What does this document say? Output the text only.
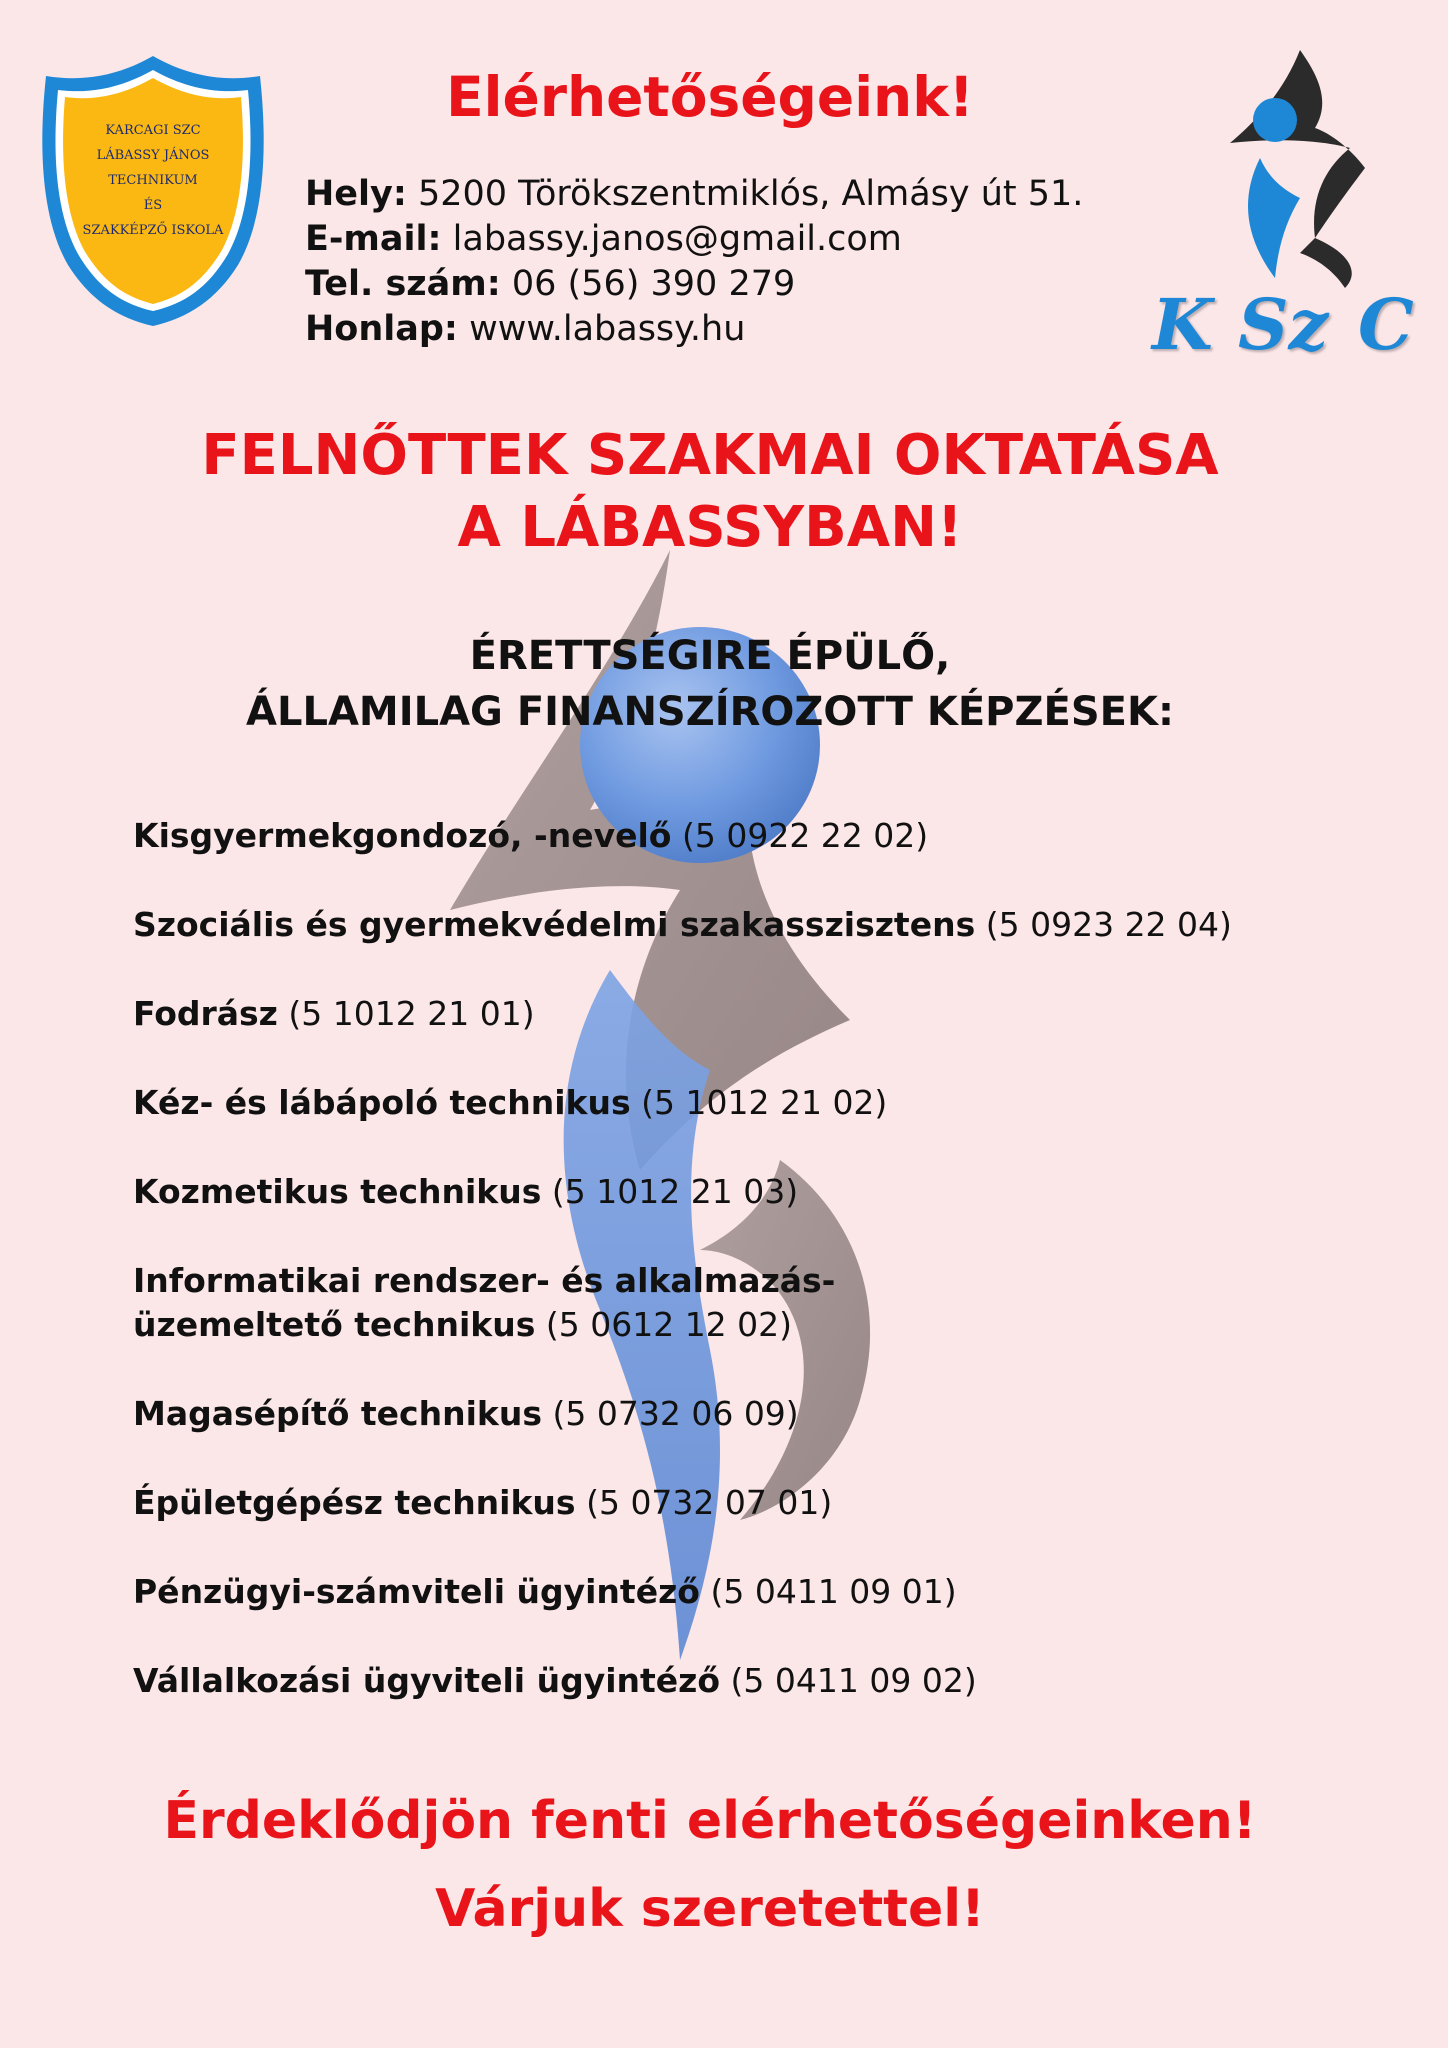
KARCAGI SZC
LÁBASSY JÁNOS
TECHNIKUM
ÉS
SZAKKÉPZŐ ISKOLA
K Sz C
Elérhetőségeink!
Hely: 5200 Törökszentmiklós, Almásy út 51.
E-mail: labassy.janos@gmail.com
Tel. szám: 06 (56) 390 279
Honlap: www.labassy.hu
FELNŐTTEK SZAKMAI OKTATÁSA
A LÁBASSYBAN!
ÉRETTSÉGIRE ÉPÜLŐ,
ÁLLAMILAG FINANSZÍROZOTT KÉPZÉSEK:
Kisgyermekgondozó, -nevelő (5 0922 22 02)
Szociális és gyermekvédelmi szakasszisztens (5 0923 22 04)
Fodrász (5 1012 21 01)
Kéz- és lábápoló technikus (5 1012 21 02)
Kozmetikus technikus (5 1012 21 03)
Informatikai rendszer- és alkalmazás-
üzemeltető technikus (5 0612 12 02)
Magasépítő technikus (5 0732 06 09)
Épületgépész technikus (5 0732 07 01)
Pénzügyi-számviteli ügyintéző (5 0411 09 01)
Vállalkozási ügyviteli ügyintéző (5 0411 09 02)
Érdeklődjön fenti elérhetőségeinken!
Várjuk szeretettel!
